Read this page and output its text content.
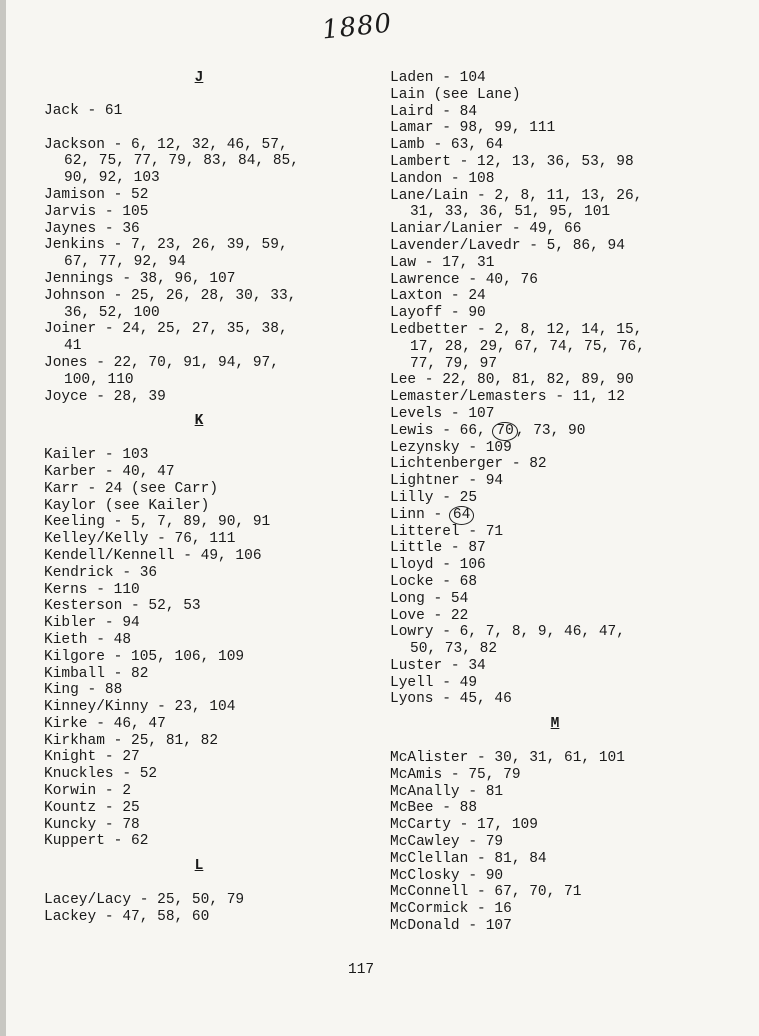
1880
J
Jack - 61
Jackson - 6, 12, 32, 46, 57,
62, 75, 77, 79, 83, 84, 85,
90, 92, 103
Jamison - 52
Jarvis - 105
Jaynes - 36
Jenkins - 7, 23, 26, 39, 59,
67, 77, 92, 94
Jennings - 38, 96, 107
Johnson - 25, 26, 28, 30, 33,
36, 52, 100
Joiner - 24, 25, 27, 35, 38,
41
Jones - 22, 70, 91, 94, 97,
100, 110
Joyce - 28, 39
K
Kailer - 103
Karber - 40, 47
Karr - 24 (see Carr)
Kaylor (see Kailer)
Keeling - 5, 7, 89, 90, 91
Kelley/Kelly - 76, 111
Kendell/Kennell - 49, 106
Kendrick - 36
Kerns - 110
Kesterson - 52, 53
Kibler - 94
Kieth - 48
Kilgore - 105, 106, 109
Kimball - 82
King - 88
Kinney/Kinny - 23, 104
Kirke - 46, 47
Kirkham - 25, 81, 82
Knight - 27
Knuckles - 52
Korwin - 2
Kountz - 25
Kuncky - 78
Kuppert - 62
L
Lacey/Lacy - 25, 50, 79
Lackey - 47, 58, 60
Laden - 104
Lain (see Lane)
Laird - 84
Lamar - 98, 99, 111
Lamb - 63, 64
Lambert - 12, 13, 36, 53, 98
Landon - 108
Lane/Lain - 2, 8, 11, 13, 26,
31, 33, 36, 51, 95, 101
Laniar/Lanier - 49, 66
Lavender/Lavedr - 5, 86, 94
Law - 17, 31
Lawrence - 40, 76
Laxton - 24
Layoff - 90
Ledbetter - 2, 8, 12, 14, 15,
17, 28, 29, 67, 74, 75, 76,
77, 79, 97
Lee - 22, 80, 81, 82, 89, 90
Lemaster/Lemasters - 11, 12
Levels - 107
Lewis - 66, 70 , 73, 90
Lezynsky - 109
Lichtenberger - 82
Lightner - 94
Lilly - 25
Linn - 64
Litterel - 71
Little - 87
Lloyd - 106
Locke - 68
Long - 54
Love - 22
Lowry - 6, 7, 8, 9, 46, 47,
50, 73, 82
Luster - 34
Lyell - 49
Lyons - 45, 46
M
McAlister - 30, 31, 61, 101
McAmis - 75, 79
McAnally - 81
McBee - 88
McCarty - 17, 109
McCawley - 79
McClellan - 81, 84
McClosky - 90
McConnell - 67, 70, 71
McCormick - 16
McDonald - 107
117
